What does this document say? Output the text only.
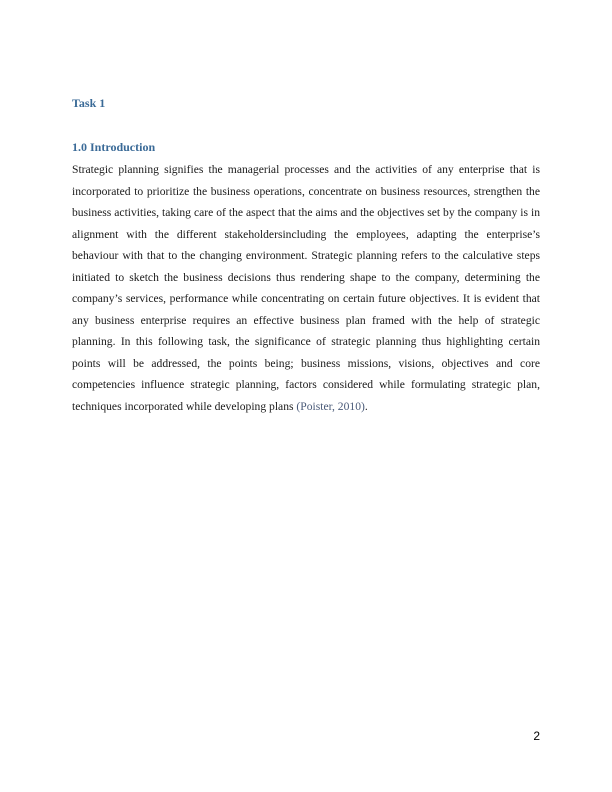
Task 1
1.0 Introduction

Strategic planning signifies the managerial processes and the activities of any enterprise that is incorporated to prioritize the business operations, concentrate on business resources, strengthen the business activities, taking care of the aspect that the aims and the objectives set by the company is in alignment with the different stakeholdersincluding the employees, adapting the enterprise’s behaviour with that to the changing environment. Strategic planning refers to the calculative steps initiated to sketch the business decisions thus rendering shape to the company, determining the company’s services, performance while concentrating on certain future objectives. It is evident that any business enterprise requires an effective business plan framed with the help of strategic planning. In this following task, the significance of strategic planning thus highlighting certain points will be addressed, the points being; business missions, visions, objectives and core competencies influence strategic planning, factors considered while formulating strategic plan, techniques incorporated while developing plans (Poister, 2010).

2
